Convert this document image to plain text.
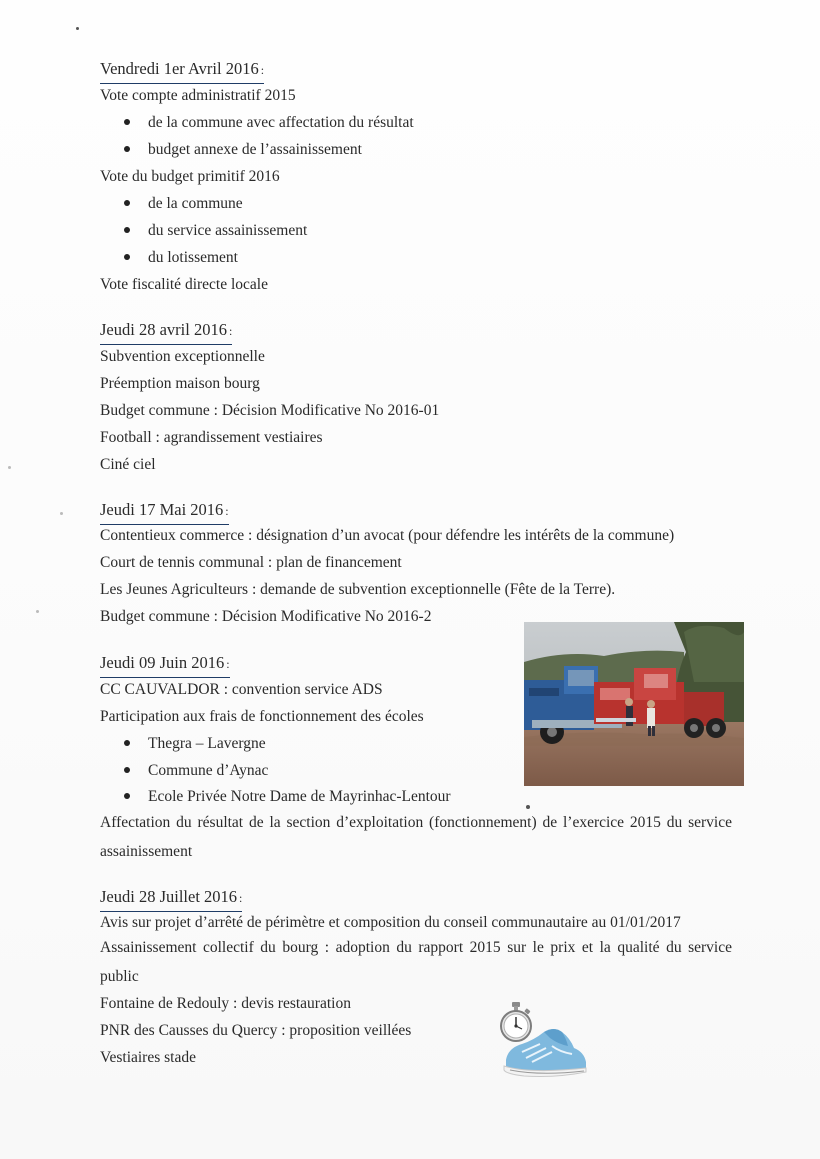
Vendredi 1er Avril 2016 :
Vote compte administratif 2015
de la commune avec affectation du résultat
budget annexe de l’assainissement
Vote du budget primitif 2016
de la commune
du service assainissement
du lotissement
Vote fiscalité directe locale
Jeudi 28 avril 2016 :
Subvention exceptionnelle
Préemption maison bourg
Budget commune : Décision Modificative No 2016-01
Football : agrandissement vestiaires
Ciné ciel
Jeudi 17 Mai 2016 :
Contentieux commerce : désignation d’un avocat (pour défendre les intérêts de la commune)
Court de tennis communal : plan de financement
Les Jeunes Agriculteurs : demande de subvention exceptionnelle (Fête de la Terre).
Budget commune : Décision Modificative No 2016-2
Jeudi 09 Juin 2016 :
CC CAUVALDOR : convention service ADS
Participation aux frais de fonctionnement des écoles
Thegra – Lavergne
Commune d’Aynac
Ecole Privée Notre Dame de Mayrinhac-Lentour
Affectation du résultat de la section d’exploitation (fonctionnement) de l’exercice 2015 du service assainissement
Jeudi 28 Juillet 2016 :
Avis sur projet d’arrêté de périmètre et composition du conseil communautaire au 01/01/2017
Assainissement collectif du bourg : adoption du rapport 2015 sur le prix et la qualité du service public
Fontaine de Redouly : devis restauration
PNR des Causses du Quercy : proposition veillées
Vestiaires stade
